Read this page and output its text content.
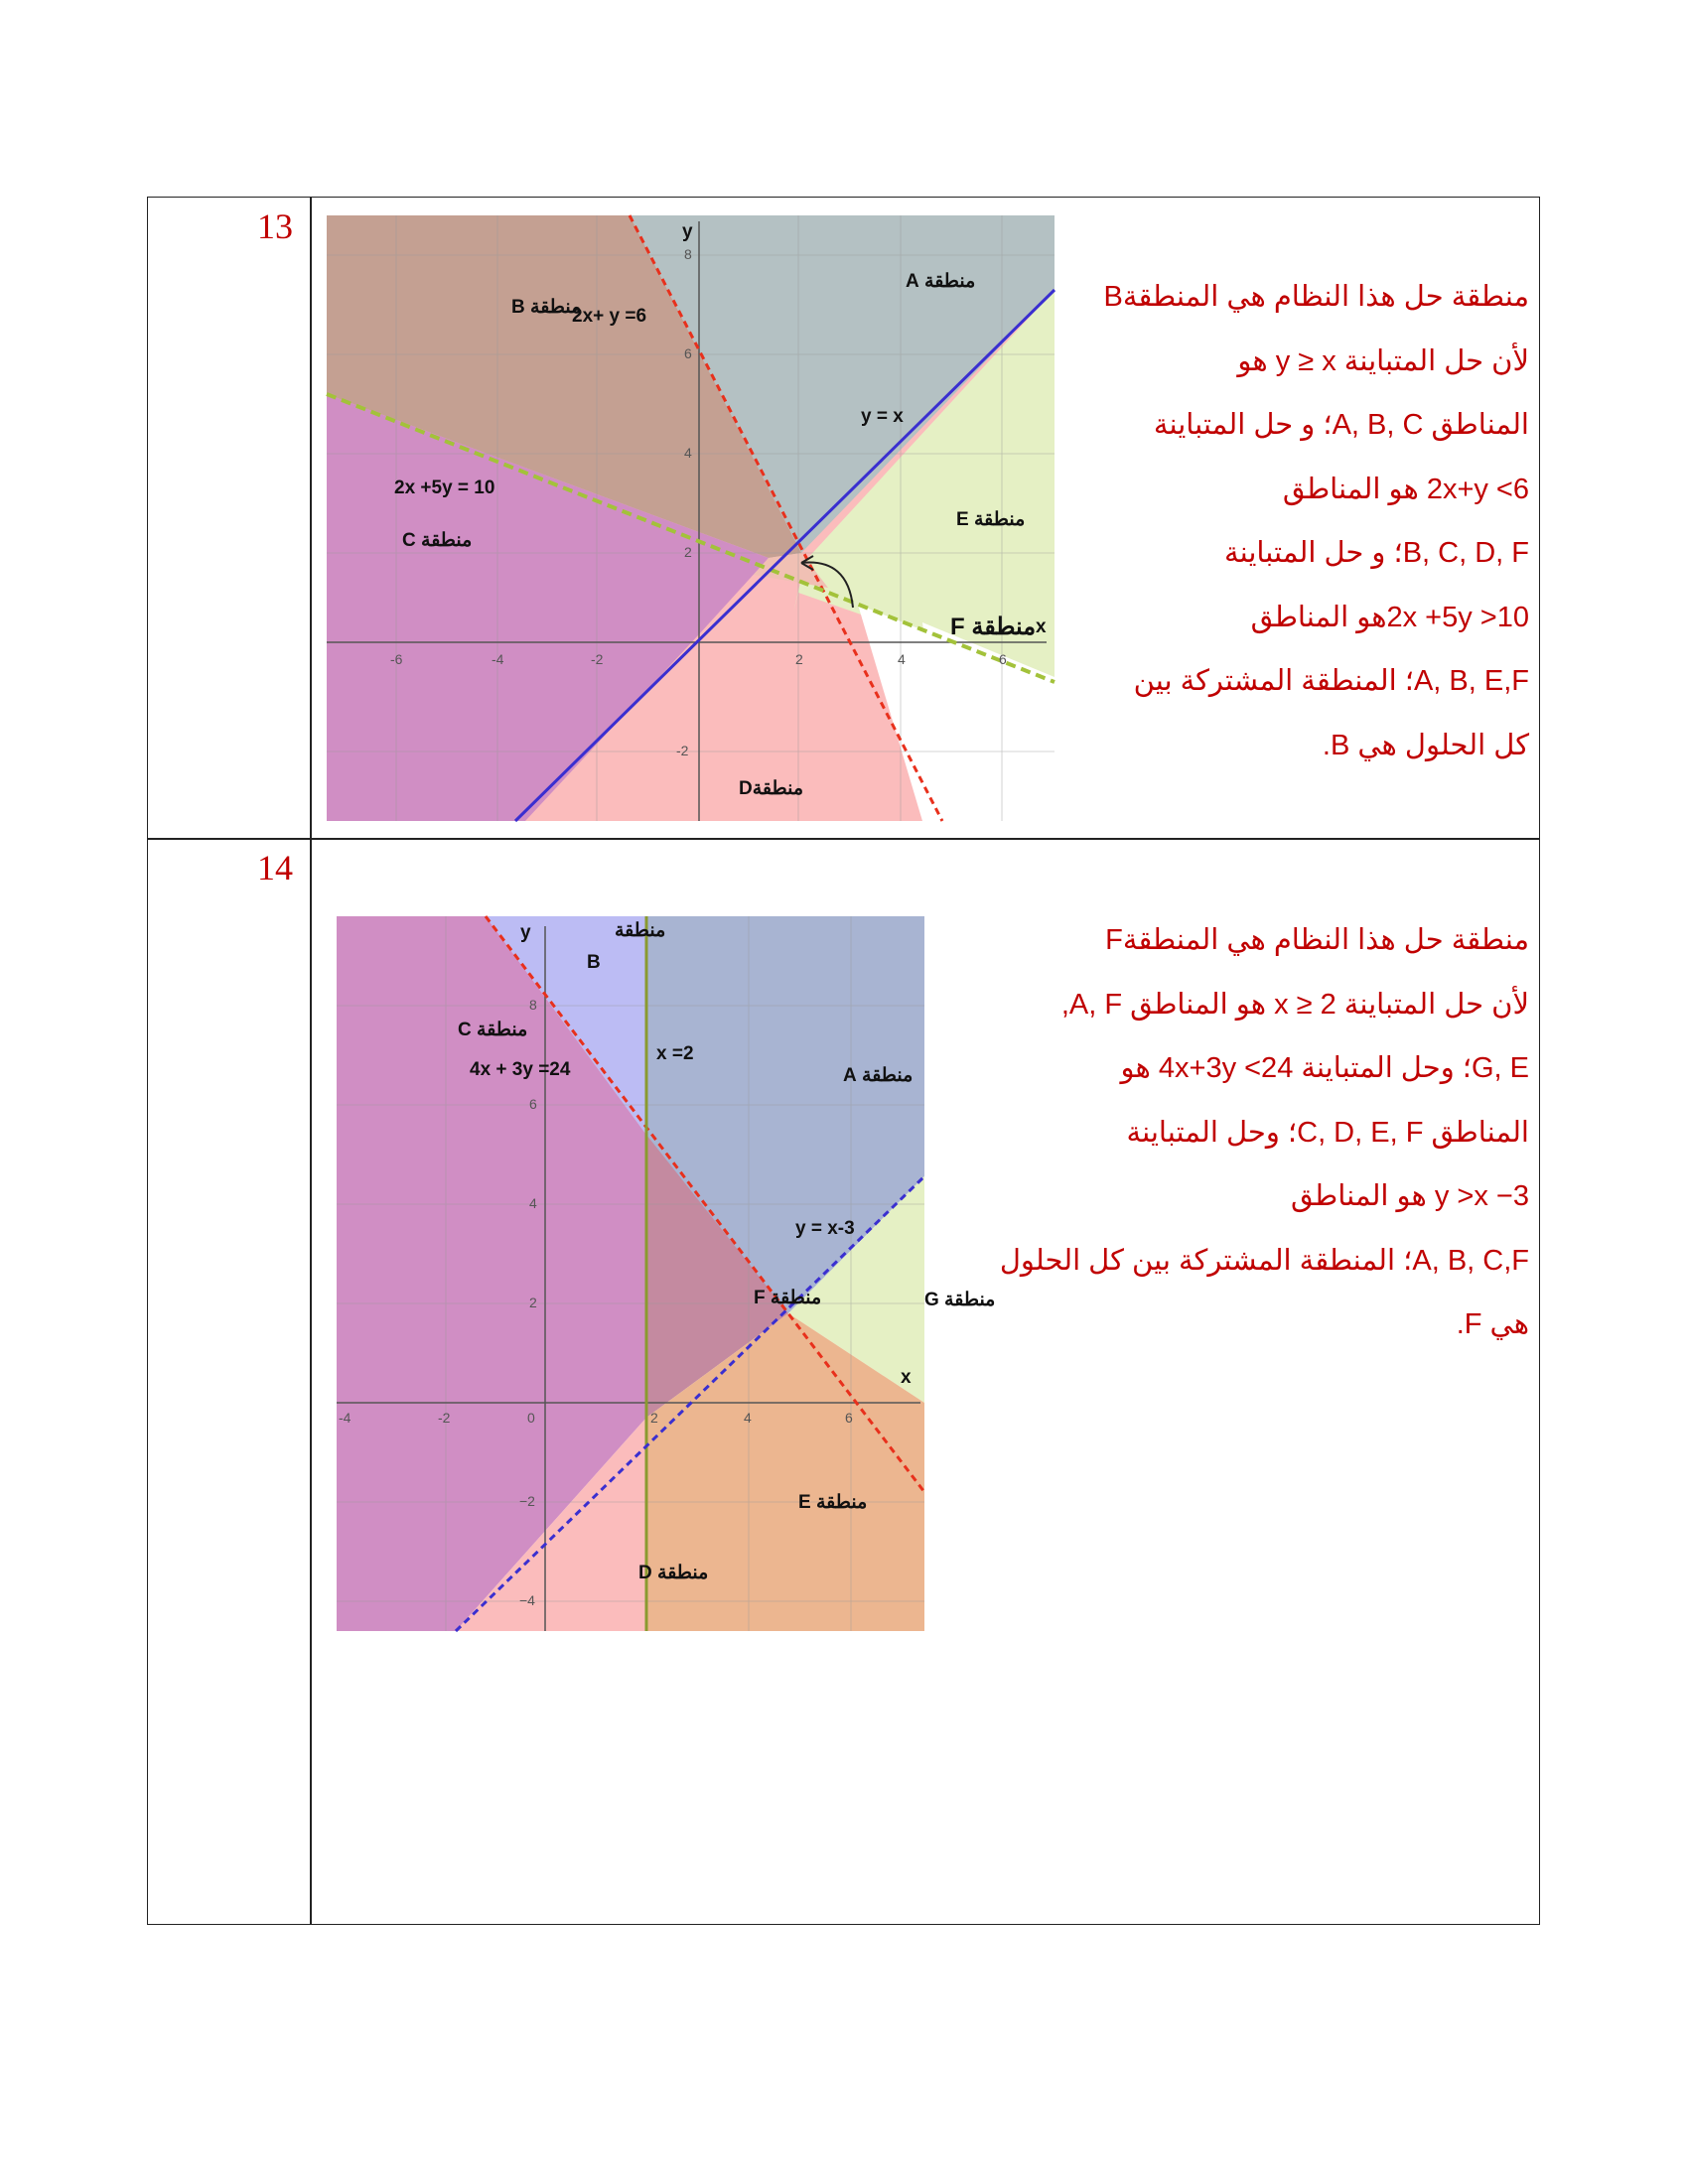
13
-6	-4	-2	2	4	6
8
6
4
2
-2
y
x
منطقة B
منطقة A
منطقة C
منطقة E
منطقةD
منطقة F
2x+ y =6
y = x
2x +5y = 10
منطقة حل هذا النظام هي المنطقةB
لأن حل المتباينة y ≥ x هو
المناطق A, B, C؛ و حل المتباينة
2x+y <6 هو المناطق
B, C, D, F؛ و حل المتباينة
2x +5y >10هو المناطق
A, B, E,F؛ المنطقة المشتركة بين
كل الحلول هي B.
14
-4	-2	0	2	4	6
8
6
4
2
−2
−4
y
x
منطقة
منطقة C
منطقة A
منطقة F	منطقة G
منطقة E
منطقة D
B
4x + 3y =24
x =2
y = x-3
منطقة حل هذا النظام هي المنطقةF
لأن حل المتباينة x ≥ 2 هو المناطق A, F,
G, E؛ وحل المتباينة 4x+3y <24 هو
المناطق C, D, E, F؛ وحل المتباينة
y >x −3 هو المناطق
A, B, C,F؛ المنطقة المشتركة بين كل الحلول
هي F.
